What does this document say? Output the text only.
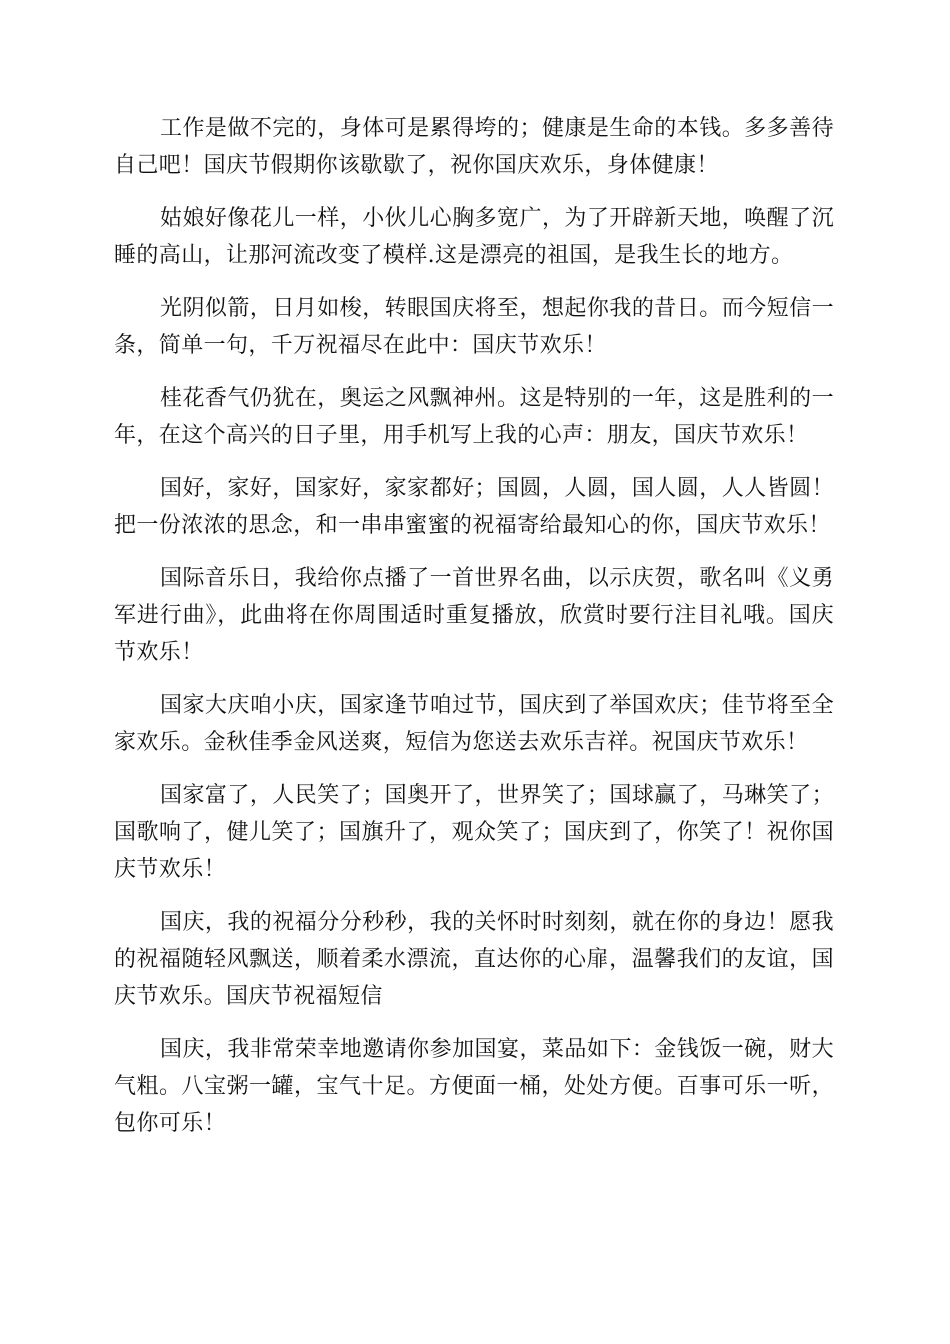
工作是做不完的，身体可是累得垮的；健康是生命的本钱。多多善待自己吧！国庆节假期你该歇歇了，祝你国庆欢乐，身体健康！

姑娘好像花儿一样，小伙儿心胸多宽广，为了开辟新天地，唤醒了沉睡的高山，让那河流改变了模样.这是漂亮的祖国，是我生长的地方。

光阴似箭，日月如梭，转眼国庆将至，想起你我的昔日。而今短信一条，简单一句，千万祝福尽在此中：国庆节欢乐！

桂花香气仍犹在，奥运之风飘神州。这是特别的一年，这是胜利的一年，在这个高兴的日子里，用手机写上我的心声：朋友，国庆节欢乐！

国好，家好，国家好，家家都好；国圆，人圆，国人圆，人人皆圆！把一份浓浓的思念，和一串串蜜蜜的祝福寄给最知心的你，国庆节欢乐！

国际音乐日，我给你点播了一首世界名曲，以示庆贺，歌名叫《义勇军进行曲》，此曲将在你周围适时重复播放，欣赏时要行注目礼哦。国庆节欢乐！

国家大庆咱小庆，国家逢节咱过节，国庆到了举国欢庆；佳节将至全家欢乐。金秋佳季金风送爽，短信为您送去欢乐吉祥。祝国庆节欢乐！

国家富了，人民笑了；国奥开了，世界笑了；国球赢了，马琳笑了；国歌响了，健儿笑了；国旗升了，观众笑了；国庆到了，你笑了！祝你国庆节欢乐！

国庆，我的祝福分分秒秒，我的关怀时时刻刻，就在你的身边！愿我的祝福随轻风飘送，顺着柔水漂流，直达你的心扉，温馨我们的友谊，国庆节欢乐。国庆节祝福短信

国庆，我非常荣幸地邀请你参加国宴，菜品如下：金钱饭一碗，财大气粗。八宝粥一罐，宝气十足。方便面一桶，处处方便。百事可乐一听，包你可乐！
